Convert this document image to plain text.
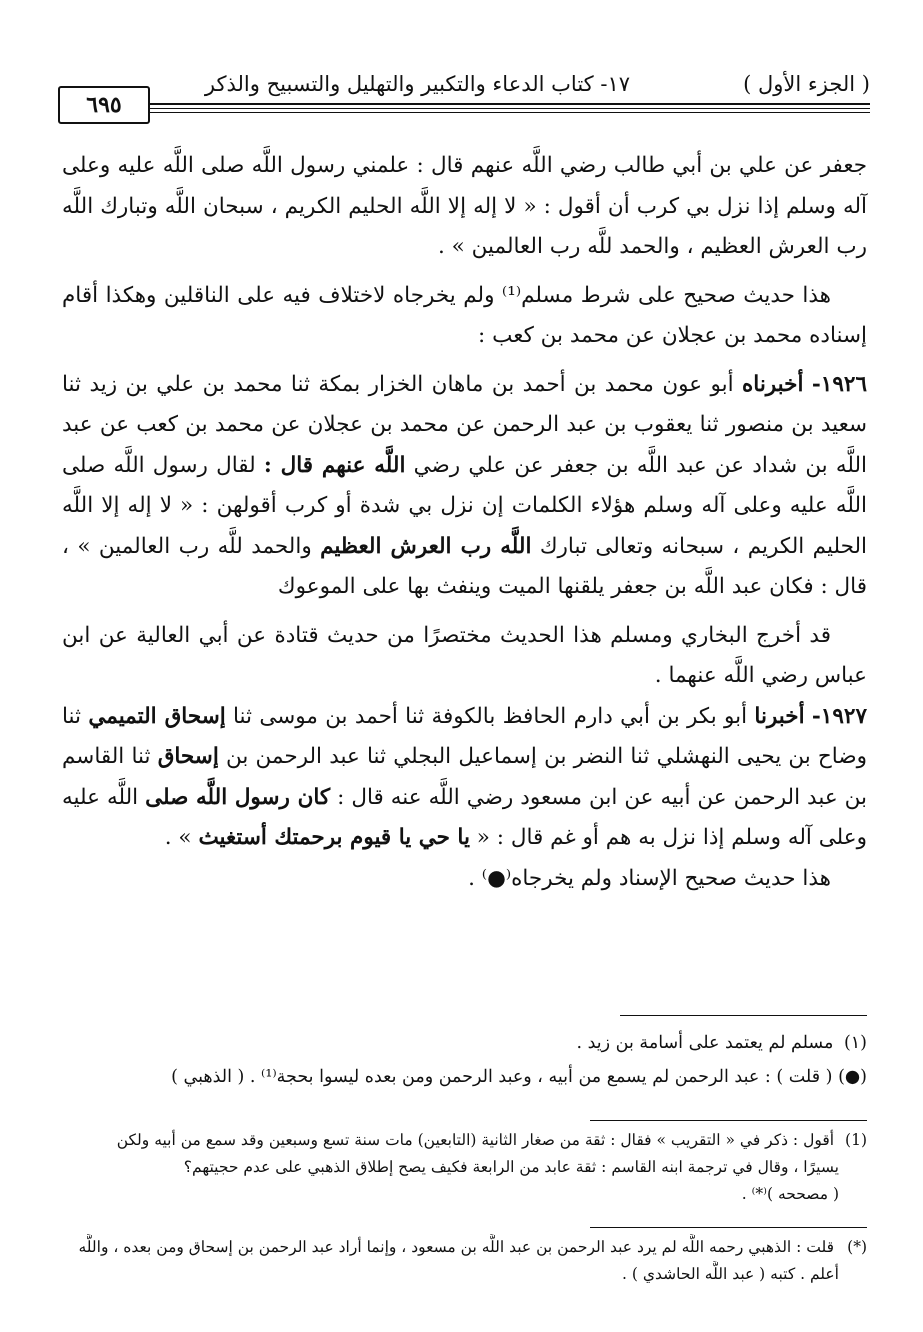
( الجزء الأول )
١٧- كتاب الدعاء والتكبير والتهليل والتسبيح والذكر
٦٩٥

جعفر عن علي بن أبي طالب رضي اللَّه عنهم قال : علمني رسول اللَّه صلى اللَّه عليه وعلى آله وسلم إذا نزل بي كرب أن أقول : « لا إله إلا اللَّه الحليم الكريم ، سبحان اللَّه وتبارك اللَّه رب العرش العظيم ، والحمد للَّه رب العالمين » .

هذا حديث صحيح على شرط مسلم⁽¹⁾ ولم يخرجاه لاختلاف فيه على الناقلين وهكذا أقام إسناده محمد بن عجلان عن محمد بن كعب :

١٩٢٦- أخبرناه أبو عون محمد بن أحمد بن ماهان الخزار بمكة ثنا محمد بن علي بن زيد ثنا سعيد بن منصور ثنا يعقوب بن عبد الرحمن عن محمد بن عجلان عن محمد بن كعب عن عبد اللَّه بن شداد عن عبد اللَّه بن جعفر عن علي رضي اللَّه عنهم قال : لقال رسول اللَّه صلى اللَّه عليه وعلى آله وسلم هؤلاء الكلمات إن نزل بي شدة أو كرب أقولهن : « لا إله إلا اللَّه الحليم الكريم ، سبحانه وتعالى تبارك اللَّه رب العرش العظيم والحمد للَّه رب العالمين » ، قال : فكان عبد اللَّه بن جعفر يلقنها الميت وينفث بها على الموعوك

قد أخرج البخاري ومسلم هذا الحديث مختصرًا من حديث قتادة عن أبي العالية عن ابن عباس رضي اللَّه عنهما .

١٩٢٧- أخبرنا أبو بكر بن أبي دارم الحافظ بالكوفة ثنا أحمد بن موسى ثنا إسحاق التميمي ثنا وضاح بن يحيى النهشلي ثنا النضر بن إسماعيل البجلي ثنا عبد الرحمن بن إسحاق ثنا القاسم بن عبد الرحمن عن أبيه عن ابن مسعود رضي اللَّه عنه قال : كان رسول اللَّه صلى اللَّه عليه وعلى آله وسلم إذا نزل به هم أو غم قال : « يا حي يا قيوم برحمتك أستغيث » .

هذا حديث صحيح الإسناد ولم يخرجاه⁽●⁾ .

(١) مسلم لم يعتمد على أسامة بن زيد .

(●) ( قلت ) : عبد الرحمن لم يسمع من أبيه ، وعبد الرحمن ومن بعده ليسوا بحجة⁽¹⁾ . ( الذهبي )

(1) أقول : ذكر في « التقريب » فقال : ثقة من صغار الثانية (التابعين) مات سنة تسع وسبعين وقد سمع من أبيه ولكن

يسيرًا ، وقال في ترجمة ابنه القاسم : ثقة عابد من الرابعة فكيف يصح إطلاق الذهبي على عدم حجيتهم؟

( مصححه )⁽*⁾ .

(*) قلت : الذهبي رحمه اللَّه لم يرد عبد الرحمن بن عبد اللَّه بن مسعود ، وإنما أراد عبد الرحمن بن إسحاق ومن بعده ، واللَّه

أعلم . كتبه ( عبد اللَّه الحاشدي ) .
